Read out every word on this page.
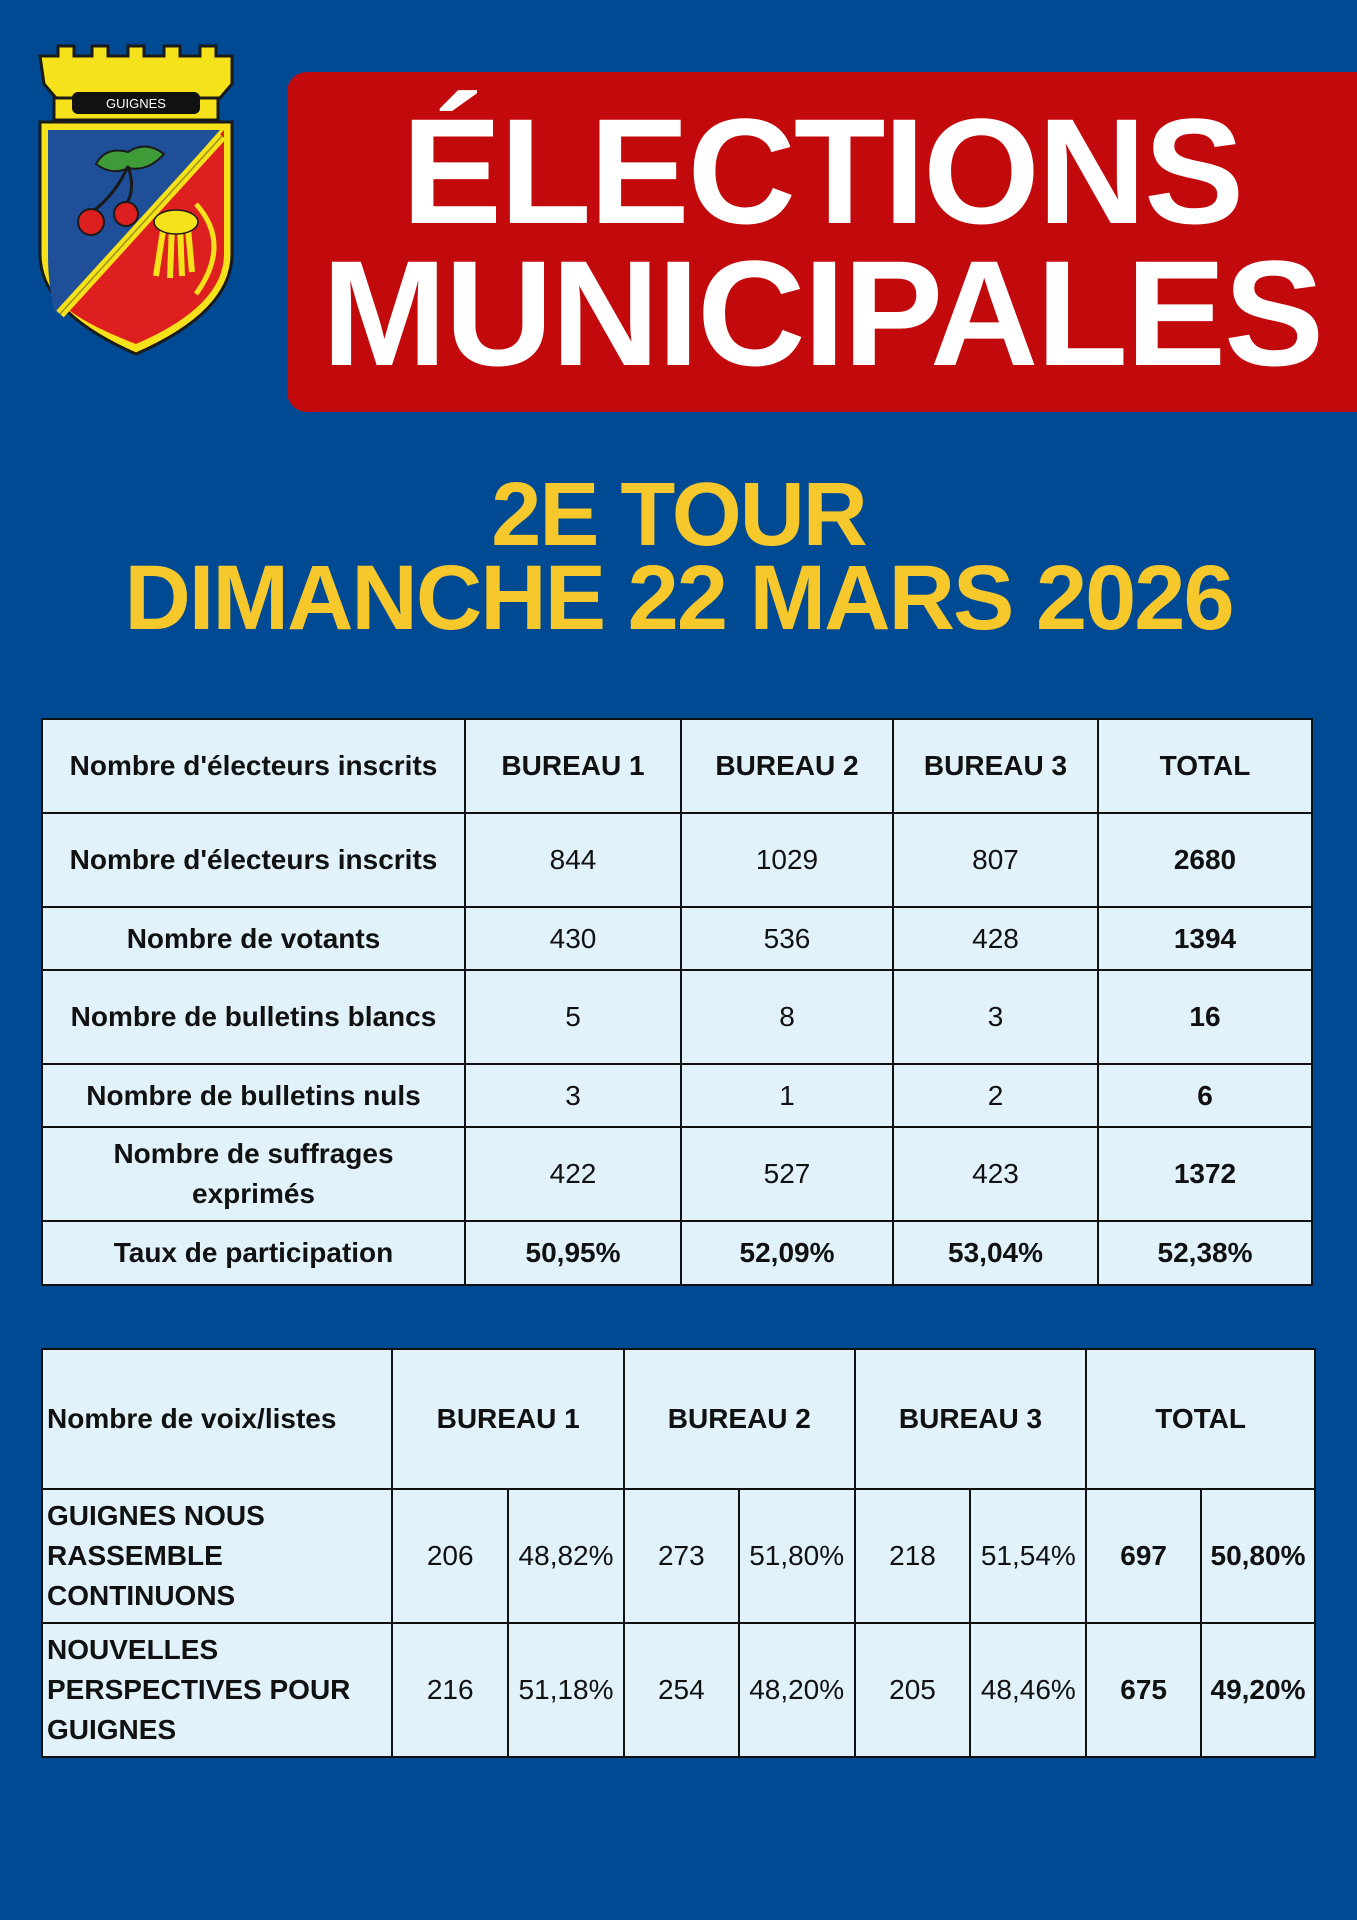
GUIGNES ÉLECTIONS
MUNICIPALES
2E TOUR
DIMANCHE 22 MARS 2026
Nombre d'électeurs inscrits	BUREAU 1	BUREAU 2	BUREAU 3	TOTAL
Nombre d'électeurs inscrits	844	1029	807	2680
Nombre de votants	430	536	428	1394
Nombre de bulletins blancs	5	8	3	16
Nombre de bulletins nuls	3	1	2	6
Nombre de suffrages exprimés	422	527	423	1372
Taux de participation	50,95%	52,09%	53,04%	52,38%
Nombre de voix/listes	BUREAU 1		BUREAU 2		BUREAU 3		TOTAL	
GUIGNES NOUS RASSEMBLE CONTINUONS	206	48,82%	273	51,80%	218	51,54%	697	50,80%
NOUVELLES PERSPECTIVES POUR GUIGNES	216	51,18%	254	48,20%	205	48,46%	675	49,20%
